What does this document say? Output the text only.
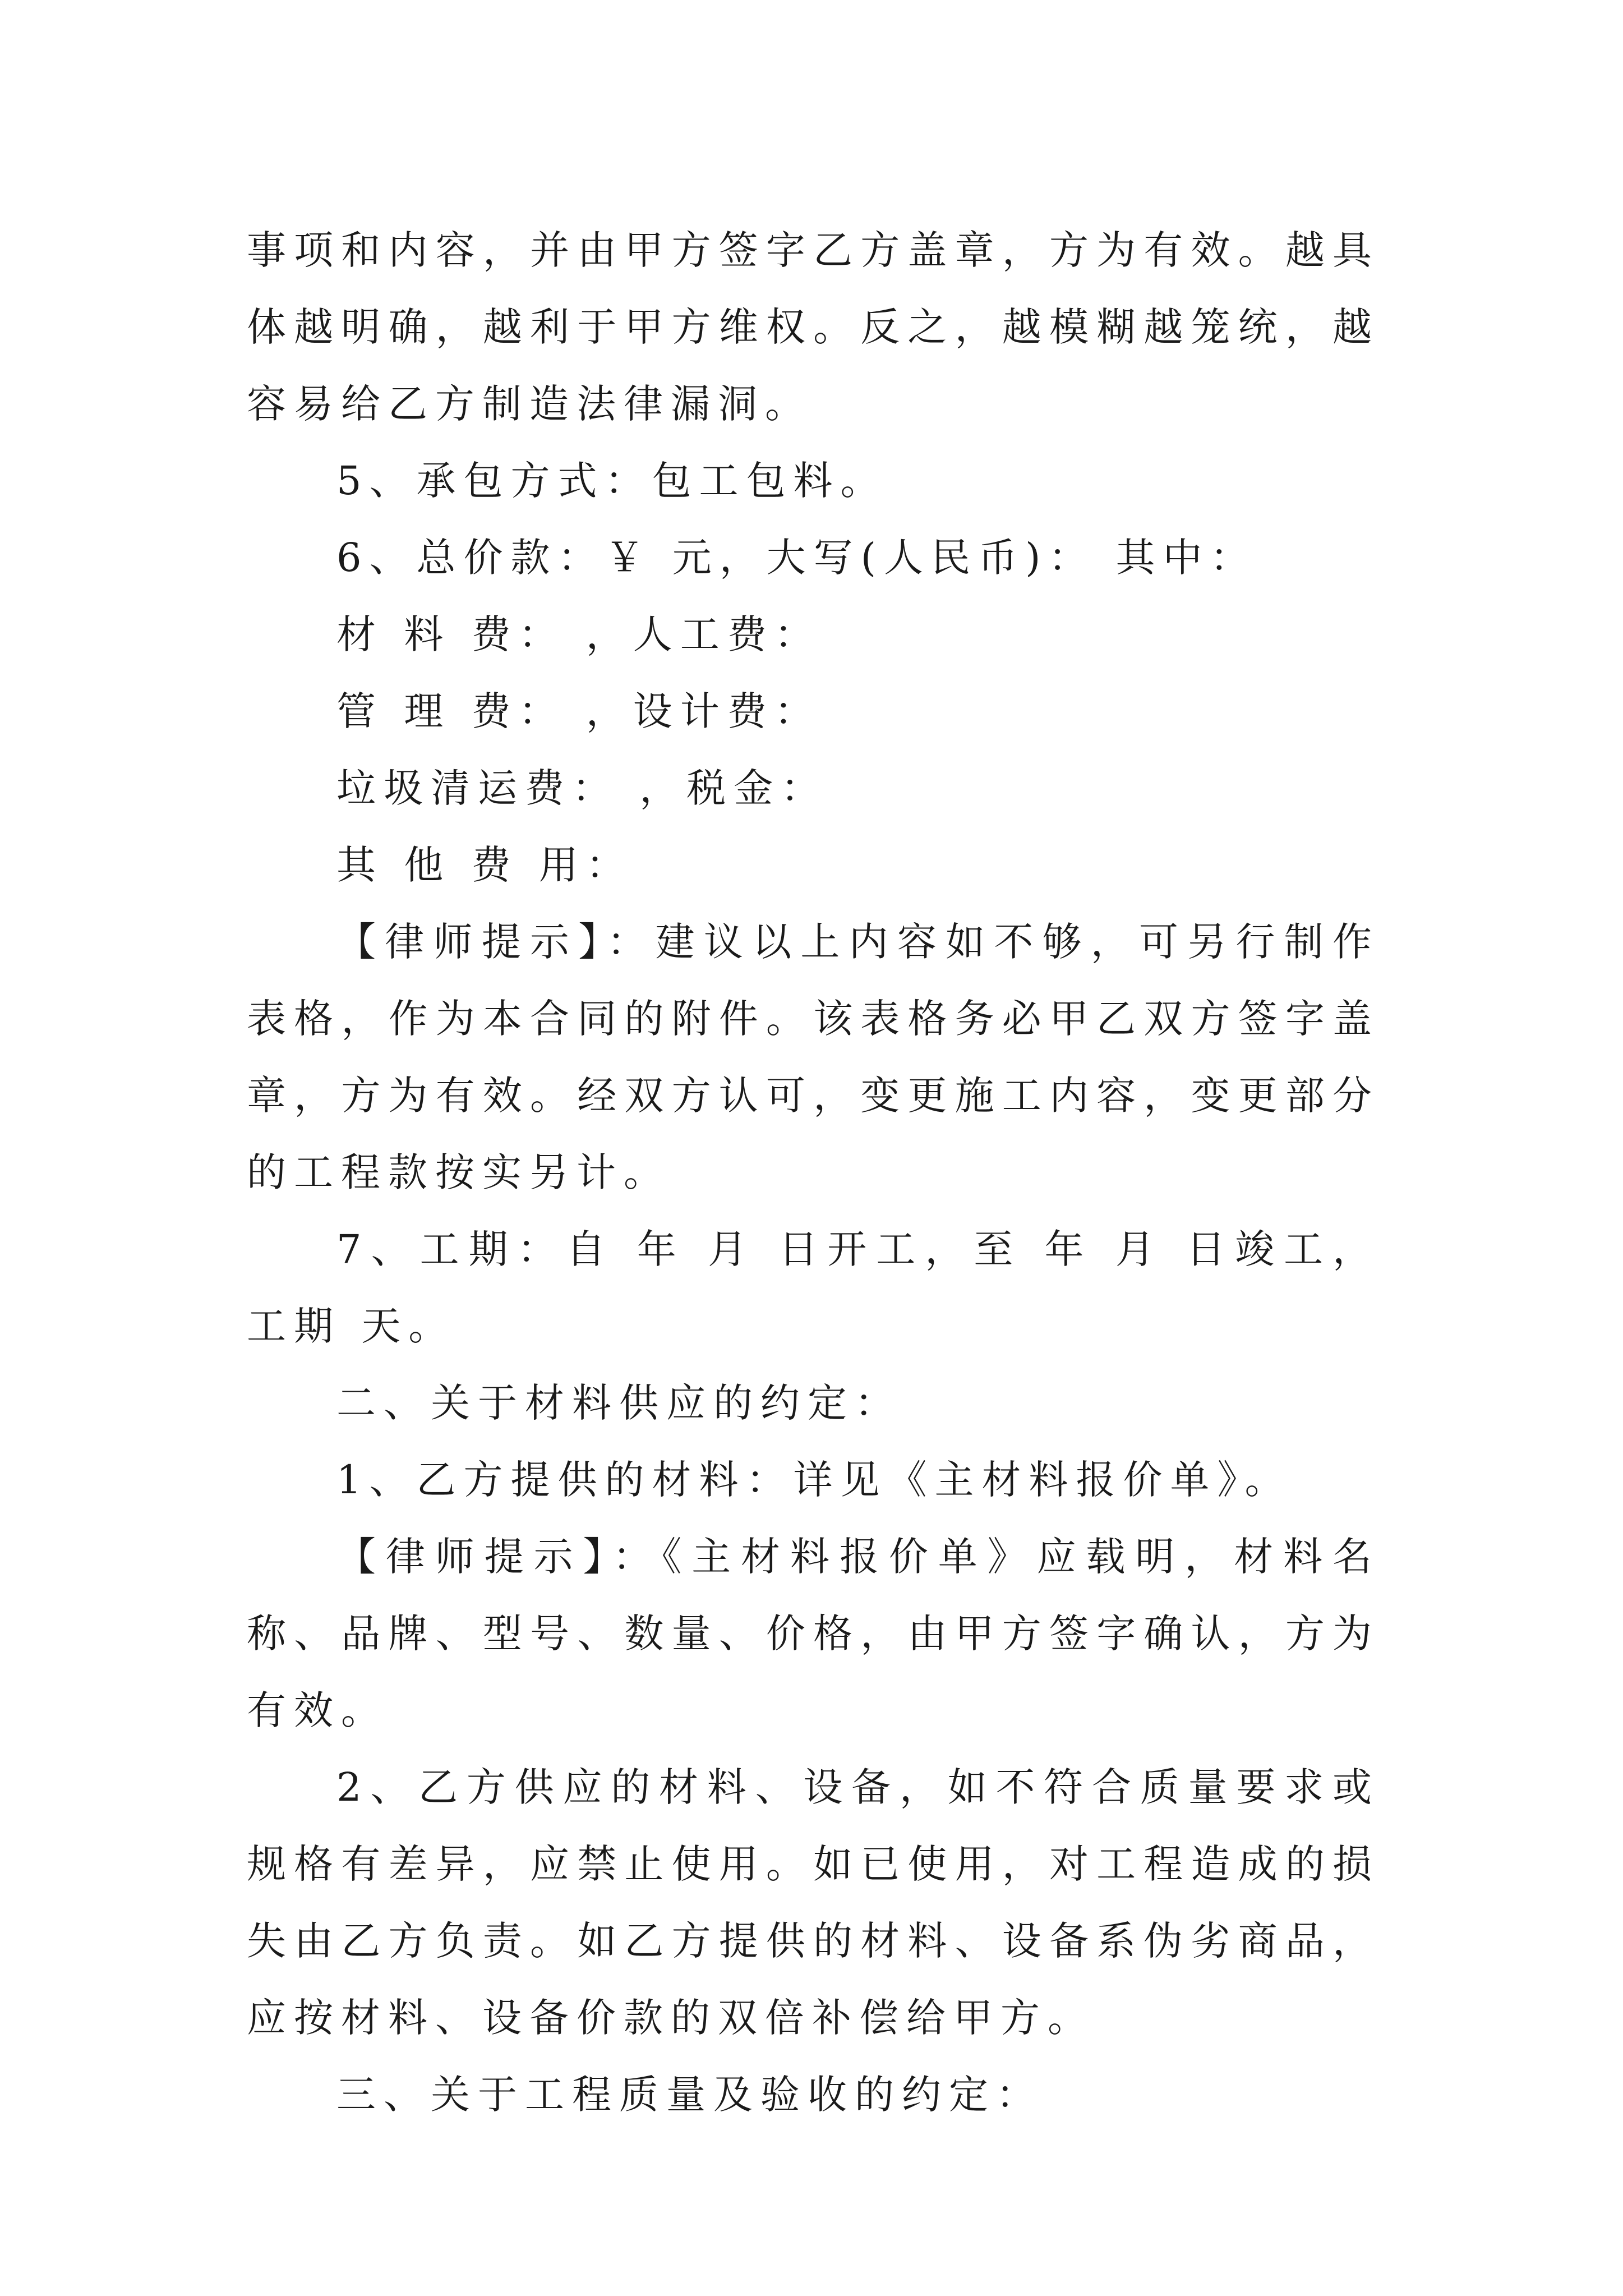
事项和内容，并由甲方签字乙方盖章，方为有效。越具体越明确，越利于甲方维权。反之，越模糊越笼统，越容易给乙方制造法律漏洞。

5、承包方式：包工包料。

6、总价款：￥ 元，大写(人民币)： 其中：

材 料 费： ，人工费：

管 理 费： ，设计费：

垃圾清运费： ，税金：

其 他 费 用：

【律师提示】：建议以上内容如不够，可另行制作表格，作为本合同的附件。该表格务必甲乙双方签字盖章，方为有效。经双方认可，变更施工内容，变更部分的工程款按实另计。

7、工期：自 年 月 日开工，至 年 月 日竣工，工期 天。

二、关于材料供应的约定：

1、乙方提供的材料：详见《主材料报价单》。

【律师提示】：《主材料报价单》应载明，材料名称、品牌、型号、数量、价格，由甲方签字确认，方为有效。

2、乙方供应的材料、设备，如不符合质量要求或规格有差异，应禁止使用。如已使用，对工程造成的损失由乙方负责。如乙方提供的材料、设备系伪劣商品，应按材料、设备价款的双倍补偿给甲方。

三、关于工程质量及验收的约定：
